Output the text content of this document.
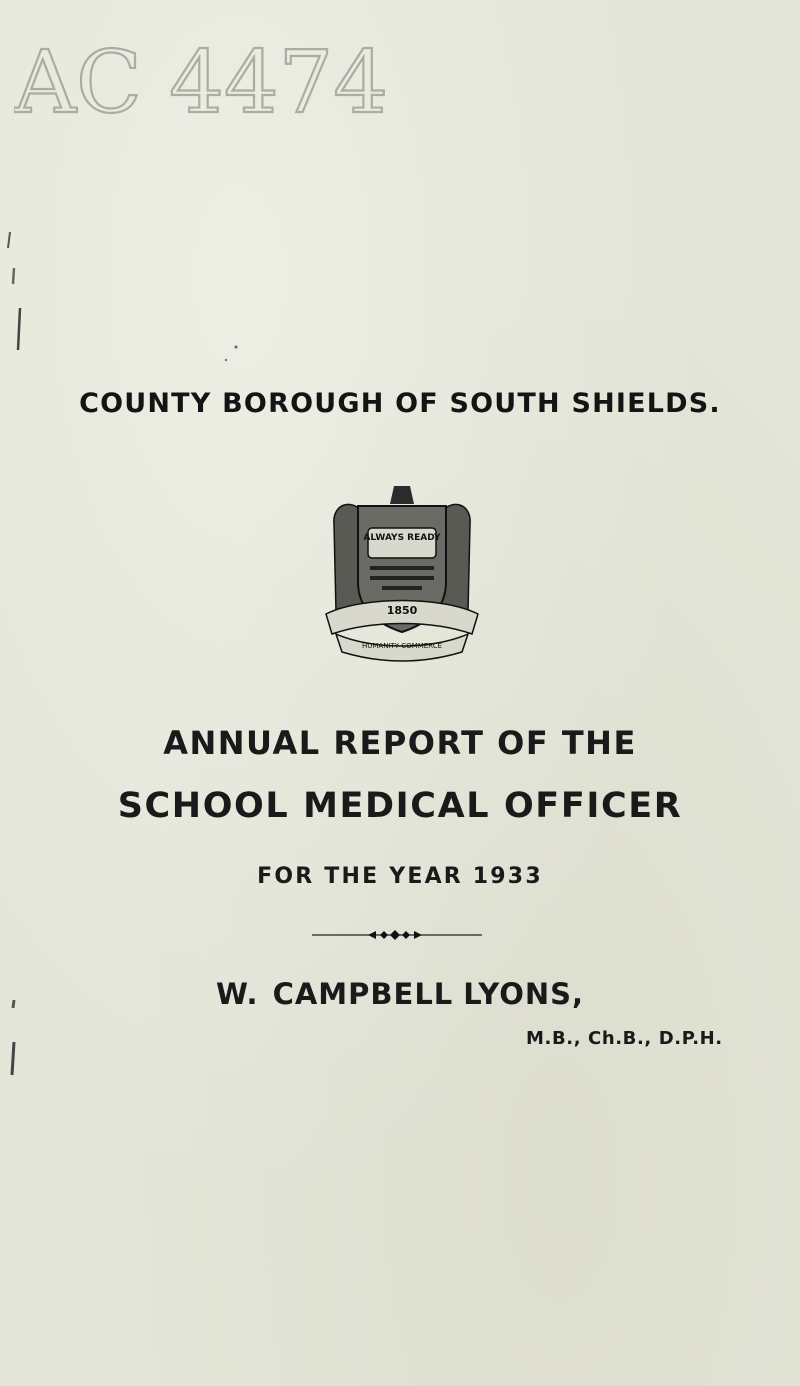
AC 4474
COUNTY BOROUGH OF SOUTH SHIELDS.
ALWAYS READY
1850
HUMANITY COMMERCE
ANNUAL REPORT OF THE
SCHOOL MEDICAL OFFICER
FOR THE YEAR 1933
W. CAMPBELL LYONS,
M.B., Ch.B., D.P.H.
